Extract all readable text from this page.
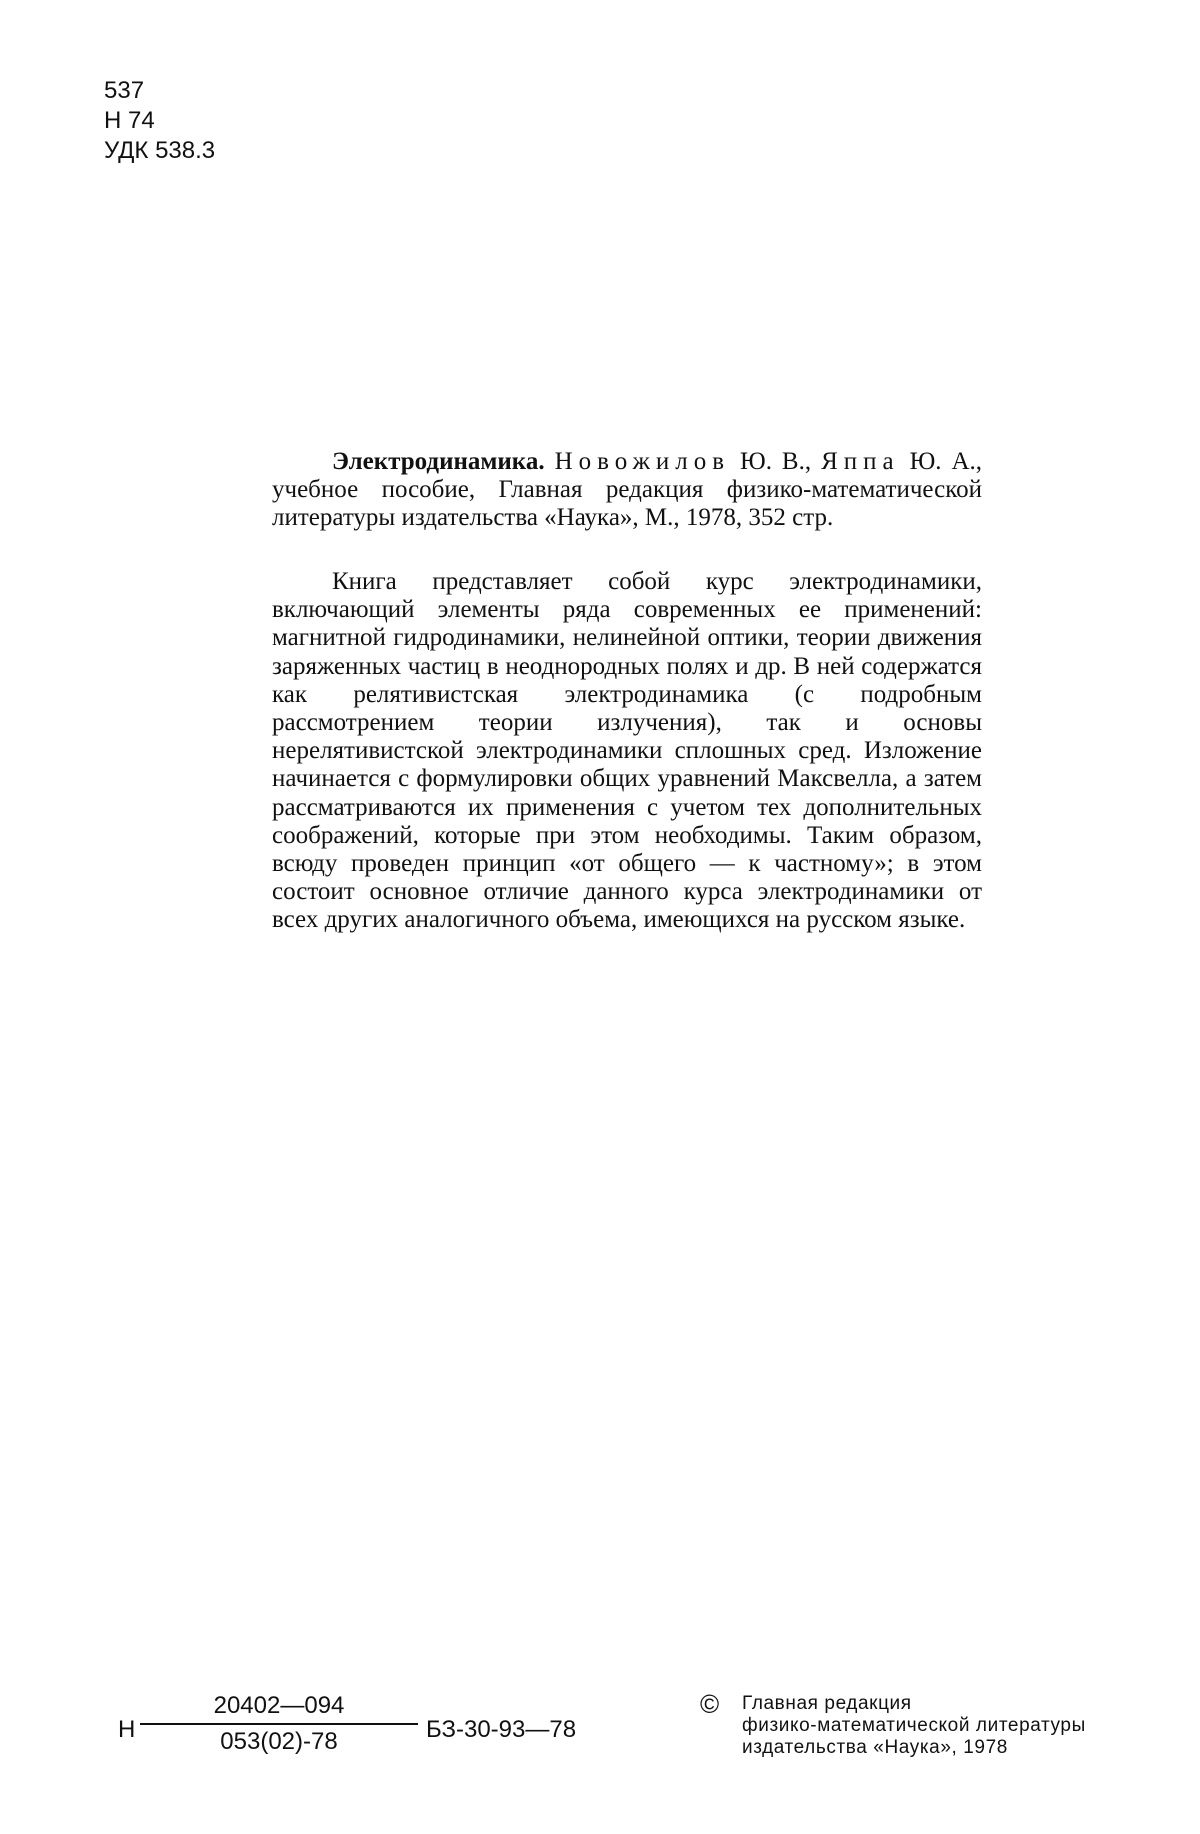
537
Н 74
УДК 538.3

Электродинамика. Новожилов Ю. В., Яппа Ю. А., учебное пособие, Главная редакция физико-математической литературы издательства «Наука», М., 1978, 352 стр.

Книга представляет собой курс электродинамики, включающий элементы ряда современных ее применений: магнитной гидродинамики, нелинейной оптики, теории движения заряженных частиц в неоднородных полях и др. В ней содержатся как релятивистская электродинамика (с подробным рассмотрением теории излучения), так и основы нерелятивистской электродинамики сплошных сред. Изложение начинается с формулировки общих уравнений Максвелла, а затем рассматриваются их применения с учетом тех дополнительных соображений, которые при этом необходимы. Таким образом, всюду проведен принцип «от общего — к частному»; в этом состоит основное отличие данного курса электродинамики от всех других аналогичного объема, имеющихся на русском языке.

Н
20402—094
053(02)-78	БЗ-30-93—78
© Главная редакция
физико-математической литературы
издательства «Наука», 1978
